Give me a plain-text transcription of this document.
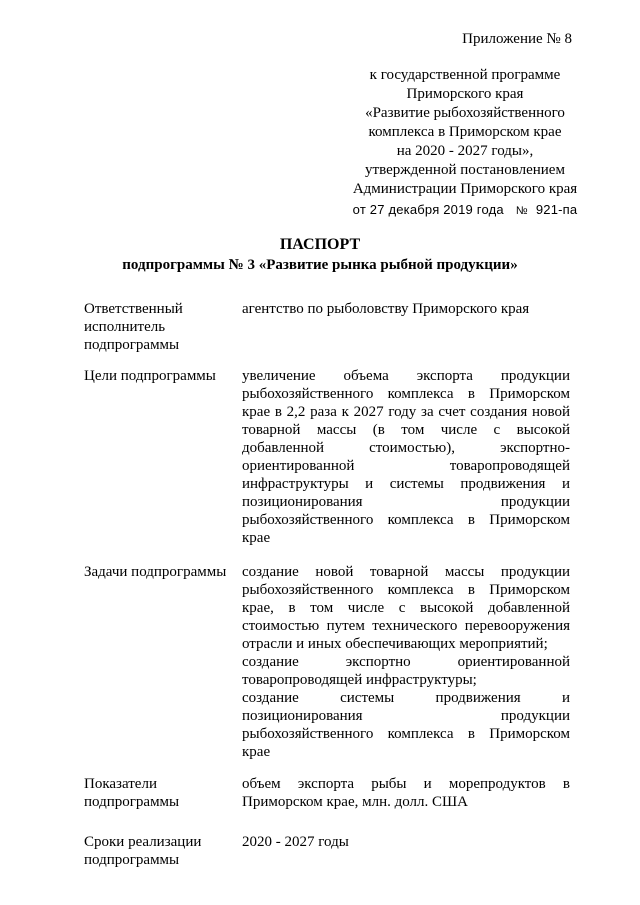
Приложение № 8
к государственной программе
Приморского края
«Развитие рыбохозяйственного
комплекса в Приморском крае
на 2020 - 2027 годы»,
утвержденной постановлением
Администрации Приморского края
от 27 декабря 2019 года № 921-па
ПАСПОРТ
подпрограммы № 3 «Развитие рынка рыбной продукции»
Ответственный исполнитель подпрограммы
агентство по рыболовству Приморского края
Цели подпрограммы	увеличение объема экспорта продукции рыбохозяйственного комплекса в Приморском крае в 2,2 раза к 2027 году за счет создания новой товарной массы (в том числе с высокой добавленной стоимостью), экспортно-ориентированной товаропроводящей инфраструктуры и системы продвижения и позиционирования продукции рыбохозяйственного комплекса в Приморском крае
Задачи подпрограммы	создание новой товарной массы продукции рыбохозяйственного комплекса в Приморском крае, в том числе с высокой добавленной стоимостью путем технического перевооружения отрасли и иных обеспечивающих мероприятий;
создание экспортно ориентированной товаропроводящей инфраструктуры;
создание системы продвижения и позиционирования продукции рыбохозяйственного комплекса в Приморском крае
Показатели подпрограммы
объем экспорта рыбы и морепродуктов в Приморском крае, млн. долл. США
Сроки реализации подпрограммы
2020 - 2027 годы
